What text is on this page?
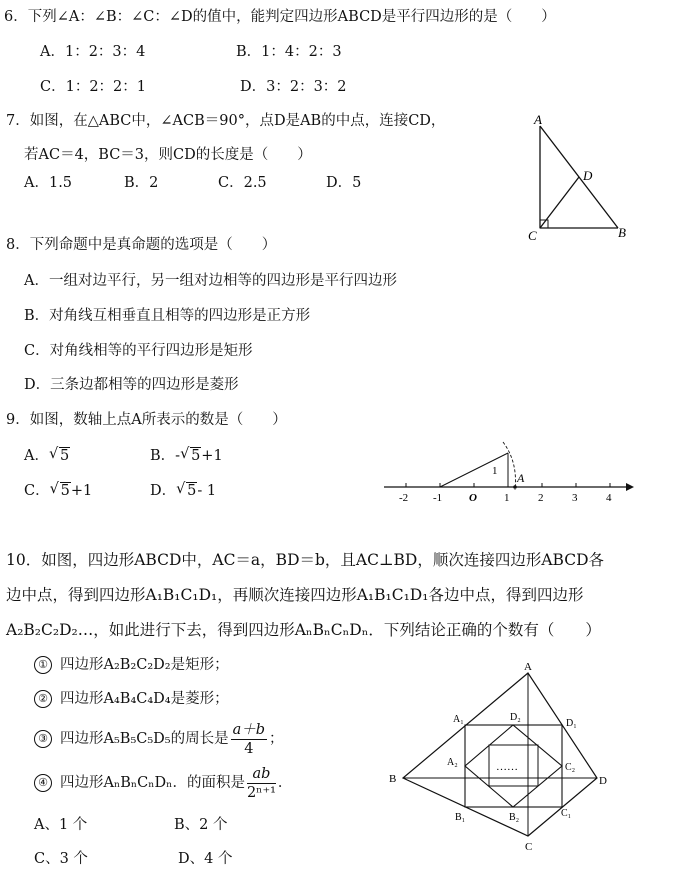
6．下列∠A：∠B：∠C：∠D的值中，能判定四边形ABCD是平行四边形的是（　　）
A．1：2：3：4	B．1：4：2：3
C．1：2：2：1	D．3：2：3：2
7．如图，在△ABC中，∠ACB＝90°，点D是AB的中点，连接CD，
若AC＝4，BC＝3，则CD的长度是（　　）
A．1.5	B．2	C．2.5	D．5
A
D
C	B
8．下列命题中是真命题的选项是（　　）
A．一组对边平行，另一组对边相等的四边形是平行四边形
B．对角线互相垂直且相等的四边形是正方形
C．对角线相等的平行四边形是矩形
D．三条边都相等的四边形是菱形
9．如图，数轴上点A所表示的数是（　　）
A． √ 5	B．- √ 5+1
C． √ 5+1	D． √ 5- 1
1 A
-2 -1 O 1	2	3	4
10．如图，四边形ABCD中，AC＝a，BD＝b，且AC⊥BD，顺次连接四边形ABCD各
边中点，得到四边形A₁B₁C₁D₁，再顺次连接四边形A₁B₁C₁D₁各边中点，得到四边形
A₂B₂C₂D₂…，如此进行下去，得到四边形AₙBₙCₙDₙ．下列结论正确的个数有（　　）
① 四边形A₂B₂C₂D₂是矩形；
② 四边形A₄B₄C₄D₄是菱形；
③ 四边形A₅B₅C₅D₅的周长是 $\frac{a+b}{4}$ ；
④ 四边形AₙBₙCₙDₙ．的面积是 $\frac{ab}{\text{2ⁿ⁺¹}}$ ．
A、1 个	B、2 个
C、3 个	D、4 个
……
A
B
C
D
A₁	D₁
B₁	C₁
D₂
A₂
B₂
C₂
